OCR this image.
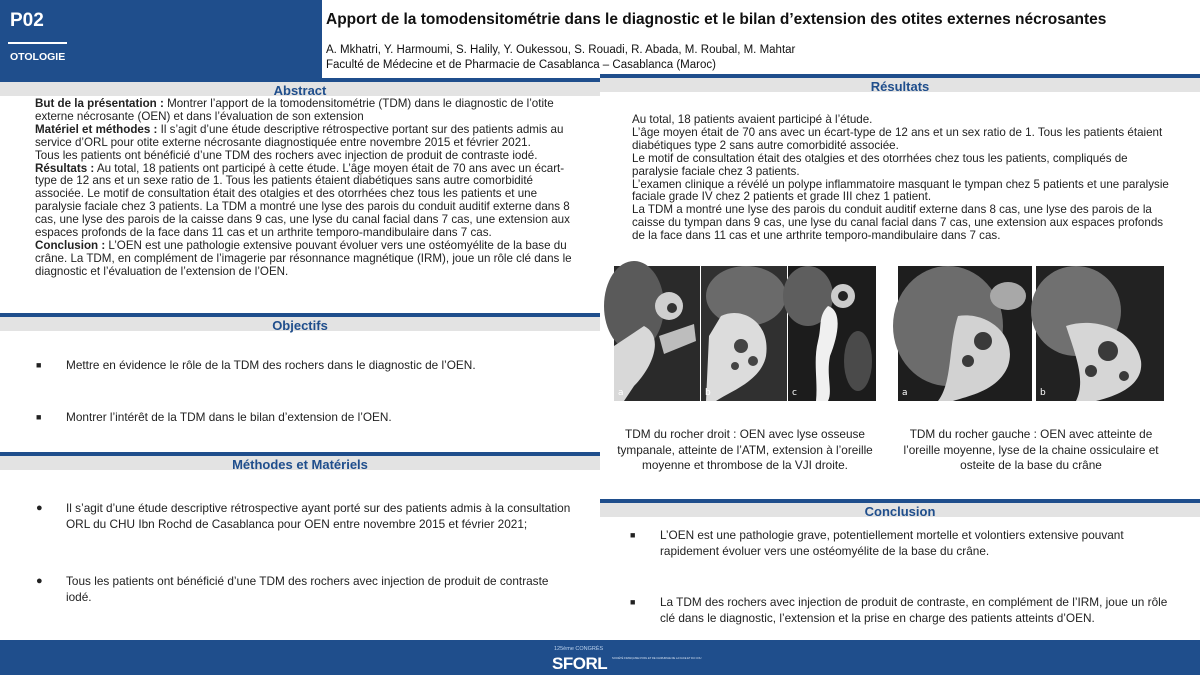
P02
OTOLOGIE
Apport de la tomodensitométrie dans le diagnostic et le bilan d’extension des otites externes nécrosantes
A. Mkhatri, Y. Harmoumi, S. Halily, Y. Oukessou, S. Rouadi, R. Abada, M. Roubal, M. Mahtar
Faculté de Médecine et de Pharmacie de Casablanca – Casablanca (Maroc)
Abstract
But de la présentation : Montrer l’apport de la tomodensitométrie (TDM) dans le diagnostic de l’otite externe nécrosante (OEN) et dans l’évaluation de son extension
Matériel et méthodes : Il s’agit d’une étude descriptive rétrospective portant sur des patients admis au service d’ORL pour otite externe nécrosante diagnostiquée entre novembre 2015 et février 2021.
Tous les patients ont bénéficié d’une TDM des rochers avec injection de produit de contraste iodé.
Résultats : Au total, 18 patients ont participé à cette étude. L’âge moyen était de 70 ans avec un écart-type de 12 ans et un sexe ratio de 1. Tous les patients étaient diabétiques sans autre comorbidité associée. Le motif de consultation était des otalgies et des otorrhées chez tous les patients et une paralysie faciale chez 3 patients. La TDM a montré une lyse des parois du conduit auditif externe dans 8 cas, une lyse des parois de la caisse dans 9 cas, une lyse du canal facial dans 7 cas, une extension aux espaces profonds de la face dans 11 cas et un arthrite temporo-mandibulaire dans 7 cas.
Conclusion : L’OEN est une pathologie extensive pouvant évoluer vers une ostéomyélite de la base du crâne. La TDM, en complément de l’imagerie par résonnance magnétique (IRM), joue un rôle clé dans le diagnostic et l’évaluation de l’extension de l’OEN.
Objectifs
■ Mettre en évidence le rôle de la TDM des rochers dans le diagnostic de l’OEN.
■ Montrer l’intérêt de la TDM dans le bilan d’extension de l’OEN.
Méthodes et Matériels
● Il s’agit d’une étude descriptive rétrospective ayant porté sur des patients admis à la consultation ORL du CHU Ibn Rochd de Casablanca pour OEN entre novembre 2015 et février 2021;
● Tous les patients ont bénéficié d’une TDM des rochers avec injection de produit de contraste iodé.
Résultats
Au total, 18 patients avaient participé à l’étude.
L’âge moyen était de 70 ans avec un écart-type de 12 ans et un sex ratio de 1. Tous les patients étaient diabétiques type 2 sans autre comorbidité associée.
Le motif de consultation était des otalgies et des otorrhées chez tous les patients, compliqués de paralysie faciale chez 3 patients.
L’examen clinique a révélé un polype inflammatoire masquant le tympan chez 5 patients et une paralysie faciale grade IV chez 2 patients et grade III chez 1 patient.
La TDM a montré une lyse des parois du conduit auditif externe dans 8 cas, une lyse des parois de la caisse du tympan dans 9 cas, une lyse du canal facial dans 7 cas, une extension aux espaces profonds de la face dans 11 cas et une arthrite temporo-mandibulaire dans 7 cas.
a	b	c	a	b
TDM du rocher droit : OEN avec lyse osseuse tympanale, atteinte de l’ATM, extension à l’oreille moyenne et thrombose de la VJI droite.
TDM du rocher gauche : OEN avec atteinte de l’oreille moyenne, lyse de la chaine ossiculaire et osteite de la base du crâne
Conclusion
■ L’OEN est une pathologie grave, potentiellement mortelle et volontiers extensive pouvant rapidement évoluer vers une ostéomyélite de la base du crâne.
■ La TDM des rochers avec injection de produit de contraste, en complément de l’IRM, joue un rôle clé dans le diagnostic, l’extension et la prise en charge des patients atteints d’OEN.
125ème CONGRÈS
SFORL SOCIÉTÉ FRANÇAISE D'ORL ET DE CHIRURGIE DE LA FACE ET DU COU
